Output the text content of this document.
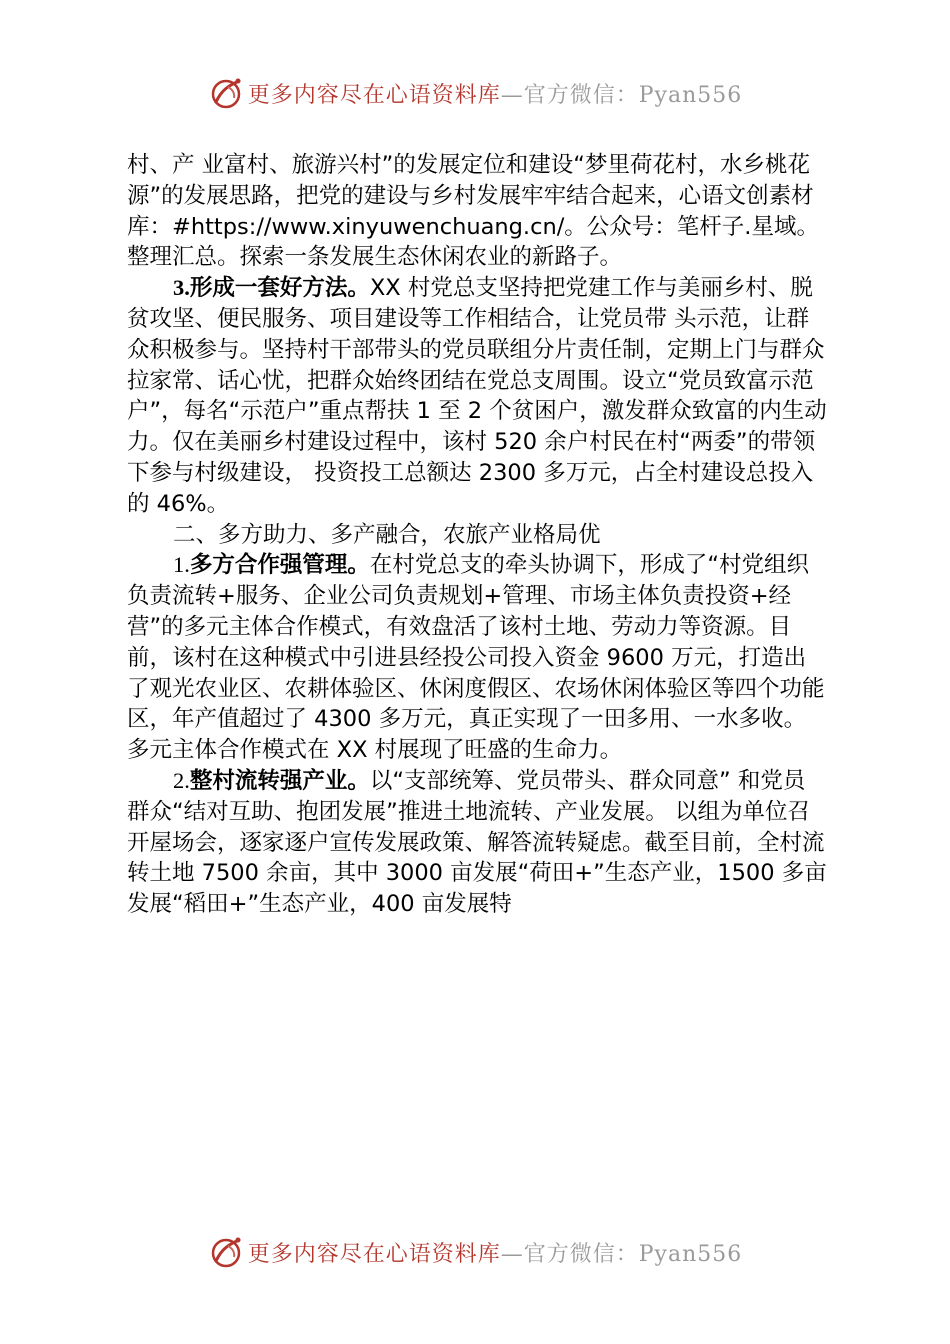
更多内容尽在心语资料库—官方微信：Pyan556

村、产 业富村、旅游兴村”的发展定位和建设“梦里荷花村，水乡桃花源”的发展思路，把党的建设与乡村发展牢牢结合起来，心语文创素材库：#https://www.xinyuwenchuang.cn/。公众号：笔杆子.星域。整理汇总。探索一条发展生态休闲农业的新路子。

3.形成一套好方法。XX 村党总支坚持把党建工作与美丽乡村、脱贫攻坚、便民服务、项目建设等工作相结合，让党员带 头示范，让群众积极参与。坚持村干部带头的党员联组分片责任制，定期上门与群众拉家常、话心忧，把群众始终团结在党总支周围。设立“党员致富示范户”，每名“示范户”重点帮扶 1 至 2 个贫困户，激发群众致富的内生动力。仅在美丽乡村建设过程中，该村 520 余户村民在村“两委”的带领下参与村级建设， 投资投工总额达 2300 多万元，占全村建设总投入的 46%。

二、多方助力、多产融合，农旅产业格局优

1.多方合作强管理。在村党总支的牵头协调下，形成了“村党组织负责流转+服务、企业公司负责规划+管理、市场主体负责投资+经营”的多元主体合作模式，有效盘活了该村土地、劳动力等资源。目前，该村在这种模式中引进县经投公司投入资金 9600 万元，打造出了观光农业区、农耕体验区、休闲度假区、农场休闲体验区等四个功能区，年产值超过了 4300 多万元，真正实现了一田多用、一水多收。多元主体合作模式在 XX 村展现了旺盛的生命力。

2.整村流转强产业。以“支部统筹、党员带头、群众同意” 和党员群众“结对互助、抱团发展”推进土地流转、产业发展。 以组为单位召开屋场会，逐家逐户宣传发展政策、解答流转疑虑。截至目前，全村流转土地 7500 余亩，其中 3000 亩发展“荷田+”生态产业，1500 多亩发展“稻田+”生态产业，400 亩发展特

更多内容尽在心语资料库—官方微信：Pyan556
